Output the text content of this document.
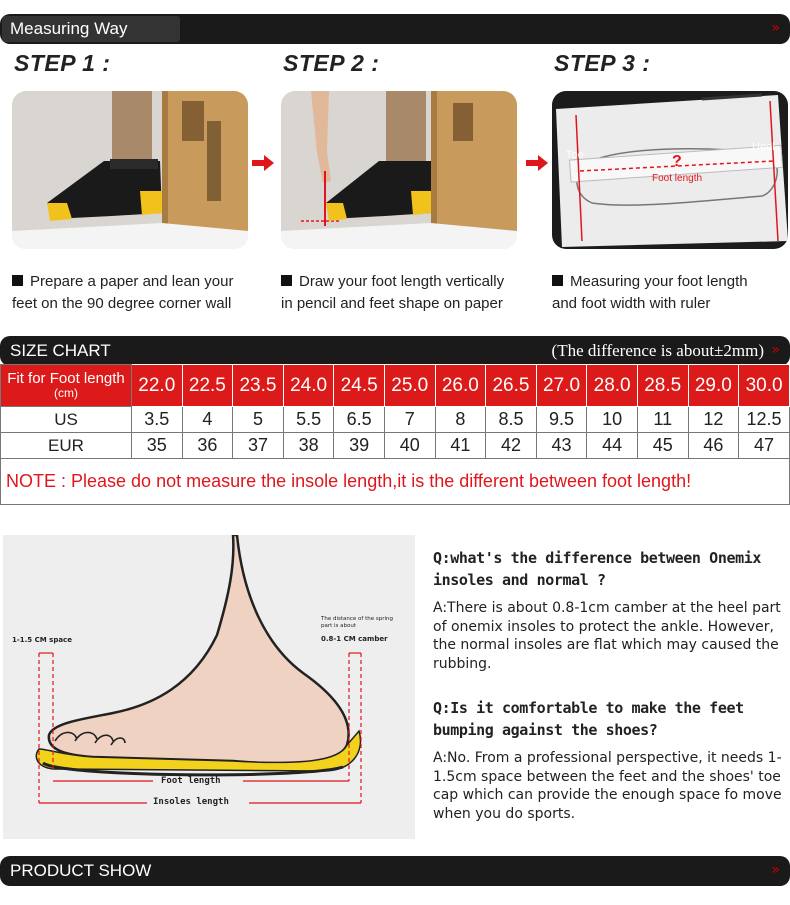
Measuring Way	»
STEP 1 :
Prepare a paper and lean your
feet on the 90 degree corner wall
STEP 2 :
Draw your foot length vertically
in pencil and feet shape on paper
STEP 3 :
Toe
Heel
?
Foot length
Measuring your foot length
and foot width with ruler
SIZE CHART	(The difference is about±2mm) »
Fit for Foot length
(cm)	22.0	22.5	23.5	24.0	24.5	25.0	26.0	26.5	27.0	28.0	28.5	29.0	30.0
US	3.5	4	5	5.5	6.5	7	8	8.5	9.5	10	11	12	12.5
EUR	35	36	37	38	39	40	41	42	43	44	45	46	47
NOTE : Please do not measure the insole length,it is the different between foot length!													
1-1.5 CM space
The distance of the spring
part is about
0.8-1 CM camber
Foot length
Insoles length
Q:what's the difference between Onemix
insoles and normal ?
A:There is about 0.8-1cm camber at the heel part of onemix insoles to protect the ankle. However, the normal insoles are flat which may caused the rubbing.
Q:Is it comfortable to make the feet
bumping against the shoes?
A:No. From a professional perspective, it needs 1-1.5cm space between the feet and the shoes' toe cap which can provide the enough space fo move when you do sports.
PRODUCT SHOW	»
